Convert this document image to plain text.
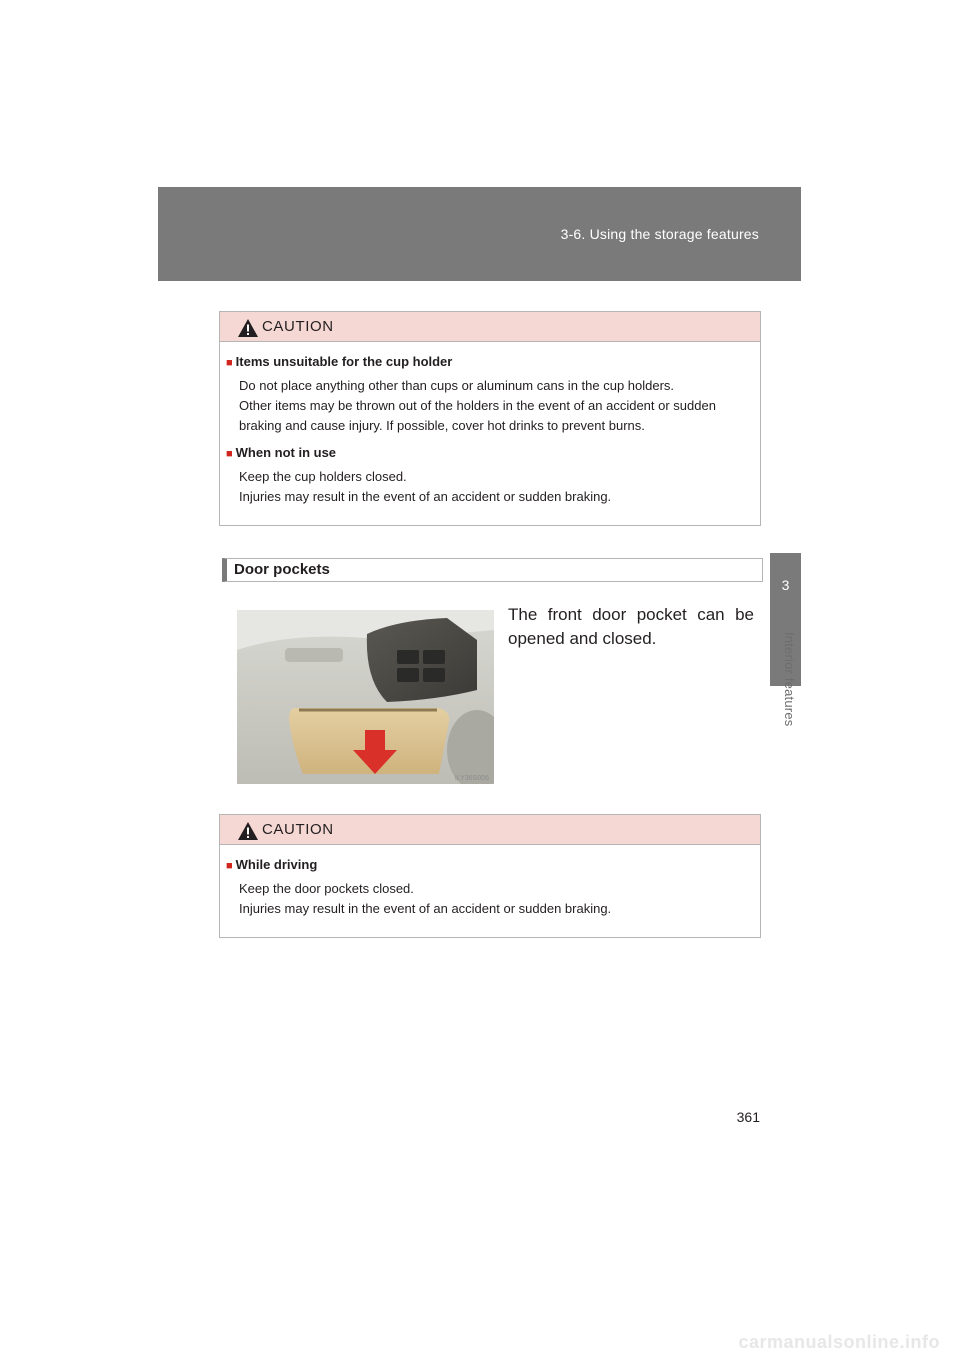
3-6. Using the storage features
3
Interior features
CAUTION
■ Items unsuitable for the cup holder
Do not place anything other than cups or aluminum cans in the cup holders.
Other items may be thrown out of the holders in the event of an accident or sudden
braking and cause injury. If possible, cover hot drinks to prevent burns.
■ When not in use
Keep the cup holders closed.
Injuries may result in the event of an accident or sudden braking.
Door pockets
ILY36S006
The front door pocket can be opened and closed.
CAUTION
■ While driving
Keep the door pockets closed.
Injuries may result in the event of an accident or sudden braking.
361
carmanualsonline.info
